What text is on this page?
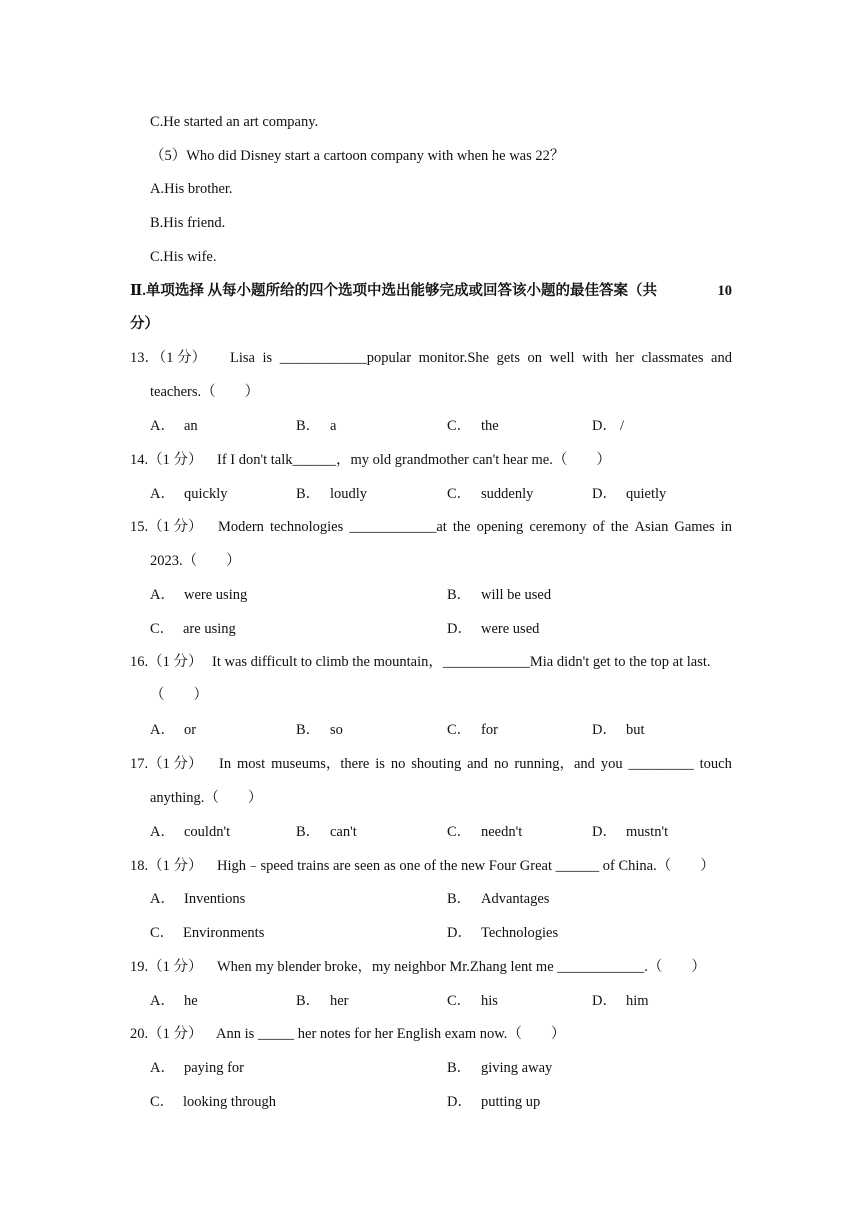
C.He started an art company.
（5）Who did Disney start a cartoon company with when he was 22？
A.His brother.
B.His friend.
C.His wife.
Ⅱ.单项选择 从每小题所给的四个选项中选出能够完成或回答该小题的最佳答案（共	10
分）
13．（1 分） Lisa is ____________popular monitor.She gets on well with her classmates and
teachers.（　　）
A． an	B． a	C． the	D． /
14.（1 分） If I don't talk______，my old grandmother can't hear me.（　　）
A． quickly	B． loudly	C． suddenly	D． quietly
15.（1 分） Modern technologies ____________at the opening ceremony of the Asian Games in
2023.（　　）
A． were using	B． will be used
C． are using	D． were used
16.（1 分） It was difficult to climb the mountain，____________Mia didn't get to the top at last.
（　　）
A． or	B． so	C． for	D． but
17.（1 分） In most museums，there is no shouting and no running，and you _________ touch
anything.（　　）
A． couldn't	B． can't	C． needn't	D． mustn't
18.（1 分） High﹣speed trains are seen as one of the new Four Great ______ of China.（　　）
A． Inventions	B． Advantages
C． Environments	D． Technologies
19.（1 分） When my blender broke，my neighbor Mr.Zhang lent me ____________.（　　）
A． he	B． her	C． his	D． him
20.（1 分） Ann is _____ her notes for her English exam now.（　　）
A． paying for	B． giving away
C． looking through	D． putting up
